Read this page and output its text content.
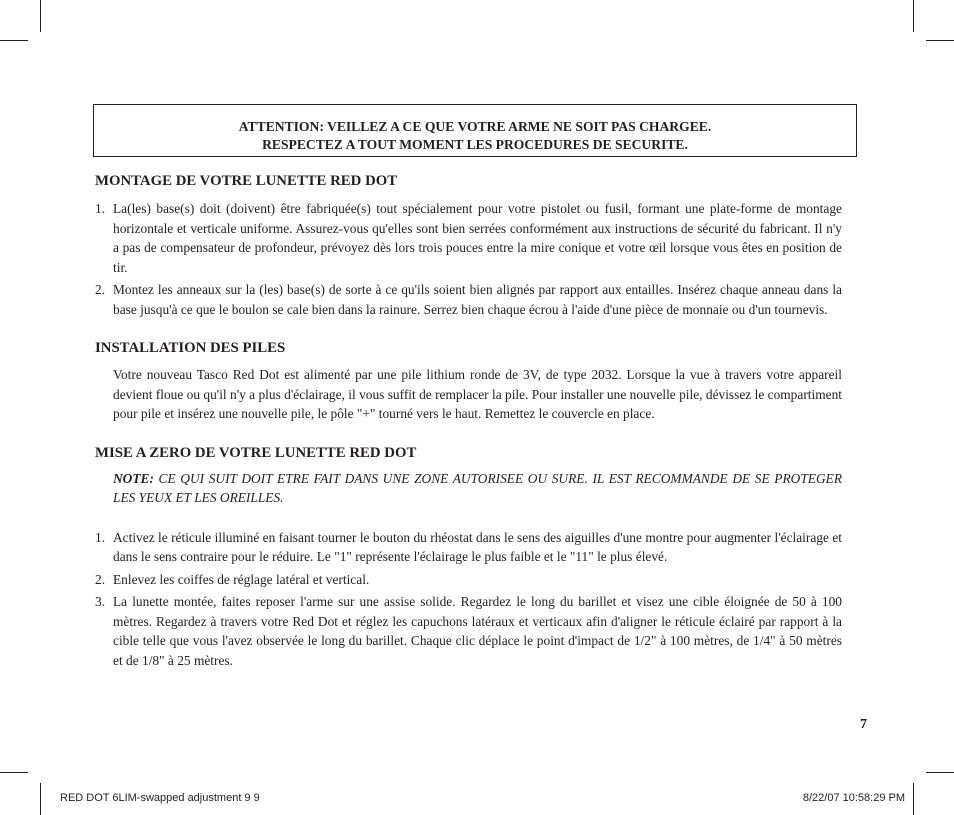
ATTENTION: VEILLEZ A CE QUE VOTRE ARME NE SOIT PAS CHARGEE.
RESPECTEZ A TOUT MOMENT LES PROCEDURES DE SECURITE.
MONTAGE DE VOTRE LUNETTE RED DOT
1. La(les) base(s) doit (doivent) être fabriquée(s) tout spécialement pour votre pistolet ou fusil, formant une plate-forme de montage horizontale et verticale uniforme. Assurez-vous qu'elles sont bien serrées conformément aux instructions de sécurité du fabricant. Il n'y a pas de compensateur de profondeur, prévoyez dès lors trois pouces entre la mire conique et votre œil lorsque vous êtes en position de tir.
2. Montez les anneaux sur la (les) base(s) de sorte à ce qu'ils soient bien alignés par rapport aux entailles. Insérez chaque anneau dans la base jusqu'à ce que le boulon se cale bien dans la rainure. Serrez bien chaque écrou à l'aide d'une pièce de monnaie ou d'un tournevis.
INSTALLATION DES PILES

Votre nouveau Tasco Red Dot est alimenté par une pile lithium ronde de 3V, de type 2032. Lorsque la vue à travers votre appareil devient floue ou qu'il n'y a plus d'éclairage, il vous suffit de remplacer la pile. Pour installer une nouvelle pile, dévissez le compartiment pour pile et insérez une nouvelle pile, le pôle "+" tourné vers le haut. Remettez le couvercle en place.

MISE A ZERO DE VOTRE LUNETTE RED DOT

NOTE: CE QUI SUIT DOIT ETRE FAIT DANS UNE ZONE AUTORISEE OU SURE. IL EST RECOMMANDE DE SE PROTEGER LES YEUX ET LES OREILLES.

1. Activez le réticule illuminé en faisant tourner le bouton du rhéostat dans le sens des aiguilles d'une montre pour augmenter l'éclairage et dans le sens contraire pour le réduire. Le "1" représente l'éclairage le plus faible et le "11" le plus élevé.
2. Enlevez les coiffes de réglage latéral et vertical.
3. La lunette montée, faites reposer l'arme sur une assise solide. Regardez le long du barillet et visez une cible éloignée de 50 à 100 mètres. Regardez à travers votre Red Dot et réglez les capuchons latéraux et verticaux afin d'aligner le réticule éclairé par rapport à la cible telle que vous l'avez observée le long du barillet. Chaque clic déplace le point d'impact de 1/2" à 100 mètres, de 1/4" à 50 mètres et de 1/8" à 25 mètres.
7
RED DOT 6LIM-swapped adjustment 9 9	8/22/07 10:58:29 PM
